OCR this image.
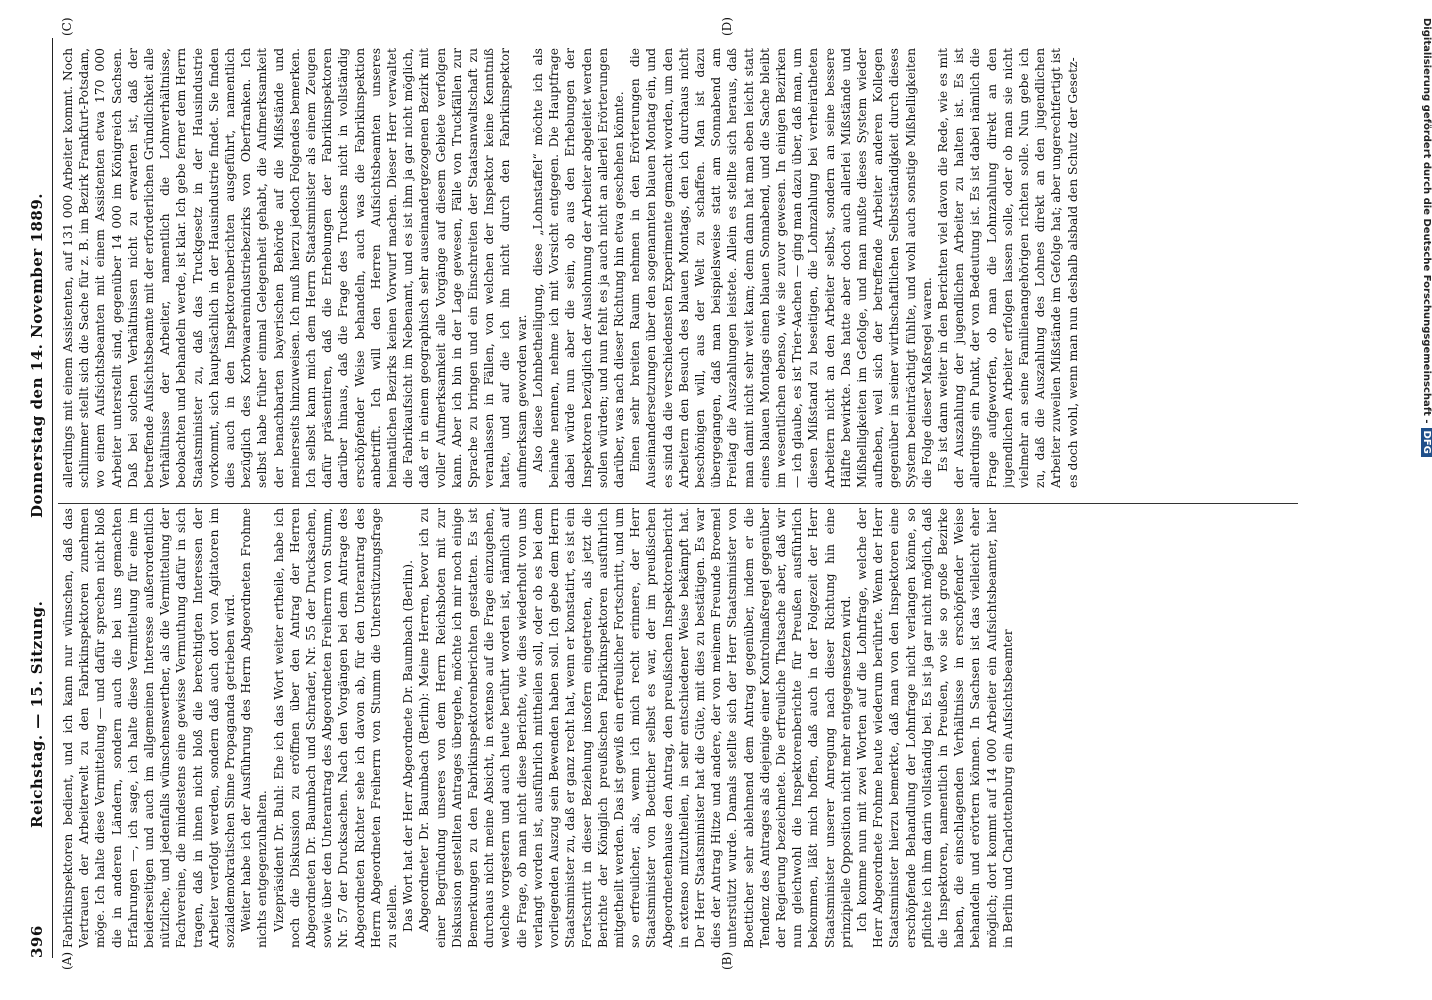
396
Reichstag. — 15. Sitzung.
Donnerstag den 14. November 1889.
(A)	(B)
(C)	(D)

Fabrikinspektoren bedient, und ich kann nur wünschen, daß das Vertrauen der Arbeiterwelt zu den Fabrikinspektoren zunehmen möge. Ich halte diese Vermittelung — und dafür sprechen nicht bloß die in anderen Ländern, sondern auch die bei uns gemachten Erfahrungen —, ich sage, ich halte diese Vermittelung für eine im beiderseitigen und auch im allgemeinen Interesse außerordentlich nützliche, und jedenfalls wünschenswerther, als die Vermittelung der Fachvereine, die mindestens eine gewisse Vermuthung dafür in sich tragen, daß in ihnen nicht bloß die berechtigten Interessen der Arbeiter verfolgt werden, sondern daß auch dort von Agitatoren im sozialdemokratischen Sinne Propaganda getrieben wird. Weiter habe ich der Ausführung des Herrn Abgeordneten Frohme nichts entgegenzuhalten. Vizepräsident Dr. Buhl: Ehe ich das Wort weiter ertheile, habe ich noch die Diskussion zu eröffnen über den Antrag der Herren Abgeordneten Dr. Baumbach und Schrader, Nr. 55 der Drucksachen, sowie über den Unterantrag des Abgeordneten Freiherrn von Stumm, Nr. 57 der Drucksachen. Nach den Vorgängen bei dem Antrage des Abgeordneten Richter sehe ich davon ab, für den Unterantrag des Herrn Abgeordneten Freiherrn von Stumm die Unterstützungsfrage zu stellen. Das Wort hat der Herr Abgeordnete Dr. Baumbach (Berlin). Abgeordneter Dr. Baumbach (Berlin): Meine Herren, bevor ich zu einer Begründung unseres von dem Herrn Reichsboten mit zur Diskussion gestellten Antrages übergehe, möchte ich mir noch einige Bemerkungen zu den Fabrikinspektorenberichten gestatten. Es ist durchaus nicht meine Absicht, in extenso auf die Frage einzugehen, welche vorgestern und auch heute berührt worden ist, nämlich auf die Frage, ob man nicht diese Berichte, wie dies wiederholt von uns verlangt worden ist, ausführlich mittheilen soll, oder ob es bei dem vorliegenden Auszug sein Bewenden haben soll. Ich gebe dem Herrn Staatsminister zu, daß er ganz recht hat, wenn er konstatirt, es ist ein Fortschritt in dieser Beziehung insofern eingetreten, als jetzt die Berichte der Königlich preußischen Fabrikinspektoren ausführlich mitgetheilt werden. Das ist gewiß ein erfreulicher Fortschritt, und um so erfreulicher, als, wenn ich mich recht erinnere, der Herr Staatsminister von Boetticher selbst es war, der im preußischen Abgeordnetenhause den Antrag, den preußischen Inspektorenbericht in extenso mitzutheilen, in sehr entschiedener Weise bekämpft hat. Der Herr Staatsminister hat die Güte, mit dies zu bestätigen. Es war dies der Antrag Hitze und andere, der von meinem Freunde Broemel unterstützt wurde. Damals stellte sich der Herr Staatsminister von Boetticher sehr ablehnend dem Antrag gegenüber, indem er die Tendenz des Antrages als diejenige einer Kontrolmaßregel gegenüber der Regierung bezeichnete. Die erfreuliche Thatsache aber, daß wir nun gleichwohl die Inspektorenberichte für Preußen ausführlich bekommen, läßt mich hoffen, daß auch in der Folgezeit der Herr Staatsminister unserer Anregung nach dieser Richtung hin eine prinzipielle Opposition nicht mehr entgegensetzen wird. Ich komme nun mit zwei Worten auf die Lohnfrage, welche der Herr Abgeordnete Frohme heute wiederum berührte. Wenn der Herr Staatsminister hierzu bemerkte, daß man von den Inspektoren eine erschöpfende Behandlung der Lohnfrage nicht verlangen könne, so pflichte ich ihm darin vollständig bei. Es ist ja gar nicht möglich, daß die Inspektoren, namentlich in Preußen, wo sie so große Bezirke haben, die einschlagenden Verhältnisse in erschöpfender Weise behandeln und erörtern können. In Sachsen ist das vielleicht eher möglich; dort kommt auf 14 000 Arbeiter ein Aufsichtsbeamter, hier in Berlin und Charlottenburg ein Aufsichtsbeamter

allerdings mit einem Assistenten, auf 131 000 Arbeiter kommt. Noch schlimmer stellt sich die Sache für z. B. im Bezirk Frankfurt-Potsdam, wo einem Aufsichtsbeamten mit einem Assistenten etwa 170 000 Arbeiter unterstellt sind, gegenüber 14 000 im Königreich Sachsen. Daß bei solchen Verhältnissen nicht zu erwarten ist, daß der betreffende Aufsichtsbeamte mit der erforderlichen Gründlichkeit alle Verhältnisse der Arbeiter, namentlich die Lohnverhältnisse, beobachten und behandeln werde, ist klar. Ich gebe ferner dem Herrn Staatsminister zu, daß das Truckgesetz in der Hausindustrie vorkommt, sich hauptsächlich in der Hausindustrie findet. Sie finden dies auch in den Inspektorenberichten ausgeführt, namentlich bezüglich des Korbwaarenindustriebezirks von Oberfranken. Ich selbst habe früher einmal Gelegenheit gehabt, die Aufmerksamkeit der benachbarten bayerischen Behörde auf die Mißstände und meinerseits hinzuweisen. Ich muß hierzu jedoch Folgendes bemerken. Ich selbst kann mich dem Herrn Staatsminister als einem Zeugen dafür präsentiren, daß die Erhebungen der Fabrikinspektoren darüber hinaus, daß die Frage des Truckens nicht in vollständig erschöpfender Weise behandeln, auch was die Fabrikinspektion anbetrifft. Ich will den Herren Aufsichtsbeamten unseres heimatlichen Bezirks keinen Vorwurf machen. Dieser Herr verwaltet die Fabrikaufsicht im Nebenamt, und es ist ihm ja gar nicht möglich, daß er in einem geographisch sehr auseinandergezogenen Bezirk mit voller Aufmerksamkeit alle Vorgänge auf diesem Gebiete verfolgen kann. Aber ich bin in der Lage gewesen, Fälle von Truckfällen zur Sprache zu bringen und ein Einschreiten der Staatsanwaltschaft zu veranlassen in Fällen, von welchen der Inspektor keine Kenntniß hatte, und auf die ich ihn nicht durch den Fabrikinspektor aufmerksam geworden war. Also diese Lohnbetheiligung, diese „Lohnstaffel“ möchte ich als beinahe nennen, nehme ich mit Vorsicht entgegen. Die Hauptfrage dabei würde nun aber die sein, ob aus den Erhebungen der Inspektoren bezüglich der Auslohnung der Arbeiter abgeleitet werden sollen würden; und nun fehlt es ja auch nicht an allerlei Erörterungen darüber, was nach dieser Richtung hin etwa geschehen könnte. Einen sehr breiten Raum nehmen in den Erörterungen die Auseinandersetzungen über den sogenannten blauen Montag ein, und es sind da die verschiedensten Experimente gemacht worden, um den Arbeitern den Besuch des blauen Montags, den ich durchaus nicht beschönigen will, aus der Welt zu schaffen. Man ist dazu übergegangen, daß man beispielsweise statt am Sonnabend am Freitag die Auszahlungen leistete. Allein es stellte sich heraus, daß man damit nicht sehr weit kam; denn dann hat man eben leicht statt eines blauen Montags einen blauen Sonnabend, und die Sache bleibt im wesentlichen ebenso, wie sie zuvor gewesen. In einigen Bezirken — ich glaube, es ist Trier-Aachen — ging man dazu über, daß man, um diesen Mißstand zu beseitigen, die Lohnzahlung bei verheiratheten Arbeitern nicht an den Arbeiter selbst, sondern an seine bessere Hälfte bewirkte. Das hatte aber doch auch allerlei Mißstände und Mißhelligkeiten im Gefolge, und man mußte dieses System wieder aufheben, weil sich der betreffende Arbeiter anderen Kollegen gegenüber in seiner wirthschaftlichen Selbstständigkeit durch dieses System beeinträchtigt fühlte, und wohl auch sonstige Mißhelligkeiten die Folge dieser Maßregel waren. Es ist dann weiter in den Berichten viel davon die Rede, wie es mit der Auszahlung der jugendlichen Arbeiter zu halten ist. Es ist allerdings ein Punkt, der von Bedeutung ist. Es ist dabei nämlich die Frage aufgeworfen, ob man die Lohnzahlung direkt an den jugendlichen Arbeiter erfolgen lassen solle, oder ob man sie nicht vielmehr an seine Familienangehörigen richten solle. Nun gebe ich zu, daß die Auszahlung des Lohnes direkt an den jugendlichen Arbeiter zuweilen Mißstände im Gefolge hat; aber ungerechtfertigt ist es doch wohl, wenn man nun deshalb alsbald den Schutz der Gesetz-	Digitalisierung gefördert durch die Deutsche Forschungsgemeinschaft -DFG
